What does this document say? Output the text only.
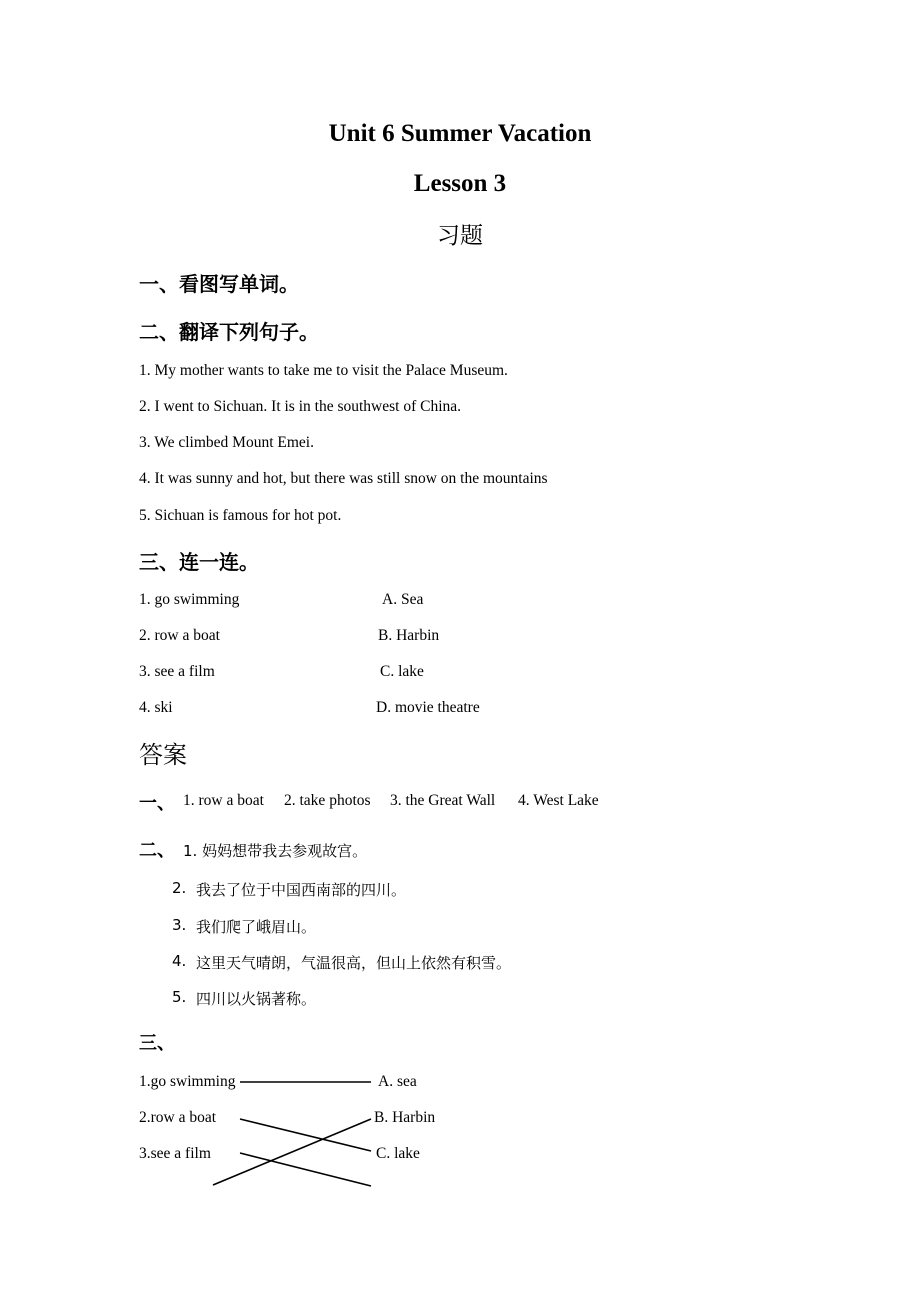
Unit 6 Summer Vacation
Lesson 3
习题
一、看图写单词。
二、翻译下列句子。
1. My mother wants to take me to visit the Palace Museum.
2. I went to Sichuan. It is in the southwest of China.
3. We climbed Mount Emei.
4. It was sunny and hot, but there was still snow on the mountains
5. Sichuan is famous for hot pot.
三、连一连。
1. go swimming
2. row a boat
3. see a film
4. ski
A. Sea
B. Harbin
C. lake
D. movie theatre
答案
一、 1. row a boat 2. take photos 3. the Great Wall 4. West Lake
二、 1. 妈妈想带我去参观故宫。
2. 我去了位于中国西南部的四川。
3. 我们爬了峨眉山。
4. 这里天气晴朗，气温很高，但山上依然有积雪。
5. 四川以火锅著称。
三、
1.go swimming
2.row a boat
3.see a film
A. sea
B. Harbin
C. lake
